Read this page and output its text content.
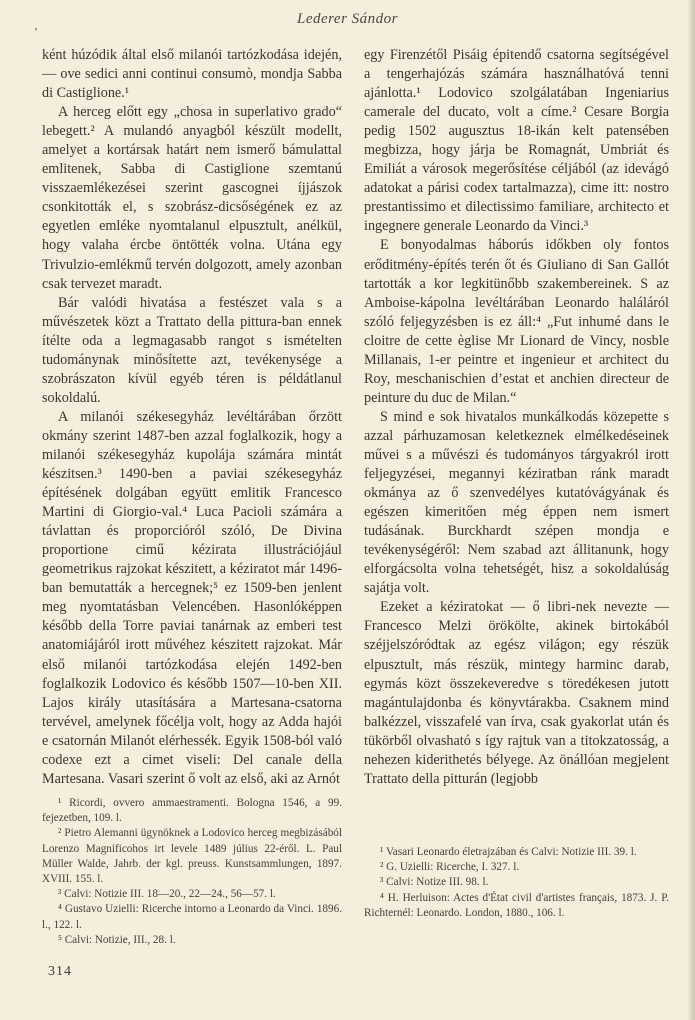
‚	Lederer Sándor

ként húzódik által első milanói tartózkodása idején, — ove sedici anni continui consumò, mondja Sabba di Castiglione.¹

A herceg előtt egy „chosa in superlativo grado“ lebegett.² A mulandó anyagból készült modellt, amelyet a kortársak határt nem ismerő bámulattal emlitenek, Sabba di Castiglione szemtanú visszaemlékezései szerint gascognei íjjászok csonkitották el, s szobrász-dicsőségének ez az egyetlen emléke nyomtalanul elpusztult, anélkül, hogy valaha ércbe öntötték volna. Utána egy Trivulzio-emlékmű tervén dolgozott, amely azonban csak tervezet maradt.

Bár valódi hivatása a festészet vala s a művészetek közt a Trattato della pittura-ban ennek ítélte oda a legmagasabb rangot s ismételten tudománynak minősítette azt, tevékenysége a szobrászaton kívül egyéb téren is példátlanul sokoldalú.

A milanói székesegyház levéltárában őrzött okmány szerint 1487-ben azzal foglalkozik, hogy a milanói székesegyház kupolája számára mintát készitsen.³ 1490-ben a paviai székesegyház építésének dolgában együtt emlitik Francesco Martini di Giorgio-val.⁴ Luca Pacioli számára a távlattan és proporcióról szóló, De Divina proportione cimű kézirata illustrációjául geometrikus rajzokat készitett, a kéziratot már 1496-ban bemutatták a hercegnek;⁵ ez 1509-ben jenlent meg nyomtatásban Velencében. Hasonlóképpen később della Torre paviai tanárnak az emberi test anatomiájáról irott művéhez készitett rajzokat. Már első milanói tartózkodása elején 1492-ben foglalkozik Lodovico és később 1507—10-ben XII. Lajos király utasítására a Martesana-csatorna tervével, amelynek főcélja volt, hogy az Adda hajói e csatornán Milanót elérhessék. Egyik 1508-ból való codexe ezt a cimet viseli: Del canale della Martesana. Vasari szerint ő volt az első, aki az Arnót

egy Firenzétől Pisáig épitendő csatorna segítségével a tengerhajózás számára használhatóvá tenni ajánlotta.¹ Lodovico szolgálatában Ingeniarius camerale del ducato, volt a címe.² Cesare Borgia pedig 1502 augusztus 18-ikán kelt patensében megbizza, hogy járja be Romagnát, Umbriát és Emiliát a városok megerősítése céljából (az idevágó adatokat a párisi codex tartalmazza), cime itt: nostro prestantissimo et dilectissimo familiare, architecto et ingegnere generale Leonardo da Vinci.³

E bonyodalmas háborús időkben oly fontos erőditmény-építés terén őt és Giuliano di San Gallót tartották a kor legkitünőbb szakembereinek. S az Amboise-kápolna levéltárában Leonardo haláláról szóló feljegyzésben is ez áll:⁴ „Fut inhumé dans le cloitre de cette èglise Mr Lionard de Vincy, nosble Millanais, 1-er peintre et ingenieur et architect du Roy, meschanischien d’estat et anchien directeur de peinture du duc de Milan.“

S mind e sok hivatalos munkálkodás közepette s azzal párhuzamosan keletkeznek elmélkedéseinek művei s a művészi és tudományos tárgyakról irott feljegyzései, megannyi kéziratban ránk maradt okmánya az ő szenvedélyes kutatóvágyának és egészen kimeritően még éppen nem ismert tudásának. Burckhardt szépen mondja e tevékenységéről: Nem szabad azt állitanunk, hogy elforgácsolta volna tehetségét, hisz a sokoldalúság sajátja volt.

Ezeket a kéziratokat — ő libri-nek nevezte — Francesco Melzi örökölte, akinek birtokából széjjelszóródtak az egész világon; egy részük elpusztult, más részük, mintegy harminc darab, egymás közt összekeveredve s töredékesen jutott magántulajdonba és könyvtárakba. Csaknem mind balkézzel, visszafelé van írva, csak gyakorlat után és tükörből olvasható s így rajtuk van a titokzatosság, a nehezen kiderithetés bélyege. Az önállóan megjelent Trattato della pitturán (legjobb

¹ Ricordi, ovvero ammaestramenti. Bologna 1546, a 99. fejezetben, 109. l.

² Pietro Alemanni ügynöknek a Lodovico herceg megbizásából Lorenzo Magnificohos irt levele 1489 július 22-éről. L. Paul Müller Walde, Jahrb. der kgl. preuss. Kunstsammlungen, 1897. XVIII. 155. l.

³ Calvi: Notizie III. 18—20., 22—24., 56—57. l.

⁴ Gustavo Uzielli: Ricerche intorno a Leonardo da Vinci. 1896. l., 122. l.

⁵ Calvi: Notizie, III., 28. l.

¹ Vasari Leonardo életrajzában és Calvi: Notizie III. 39. l.

² G. Uzielli: Ricerche, I. 327. l.

³ Calvi: Notize III. 98. l.

⁴ H. Herluison: Actes d'État civil d'artistes français, 1873. J. P. Richternél: Leonardo. London, 1880., 106. l.

314
